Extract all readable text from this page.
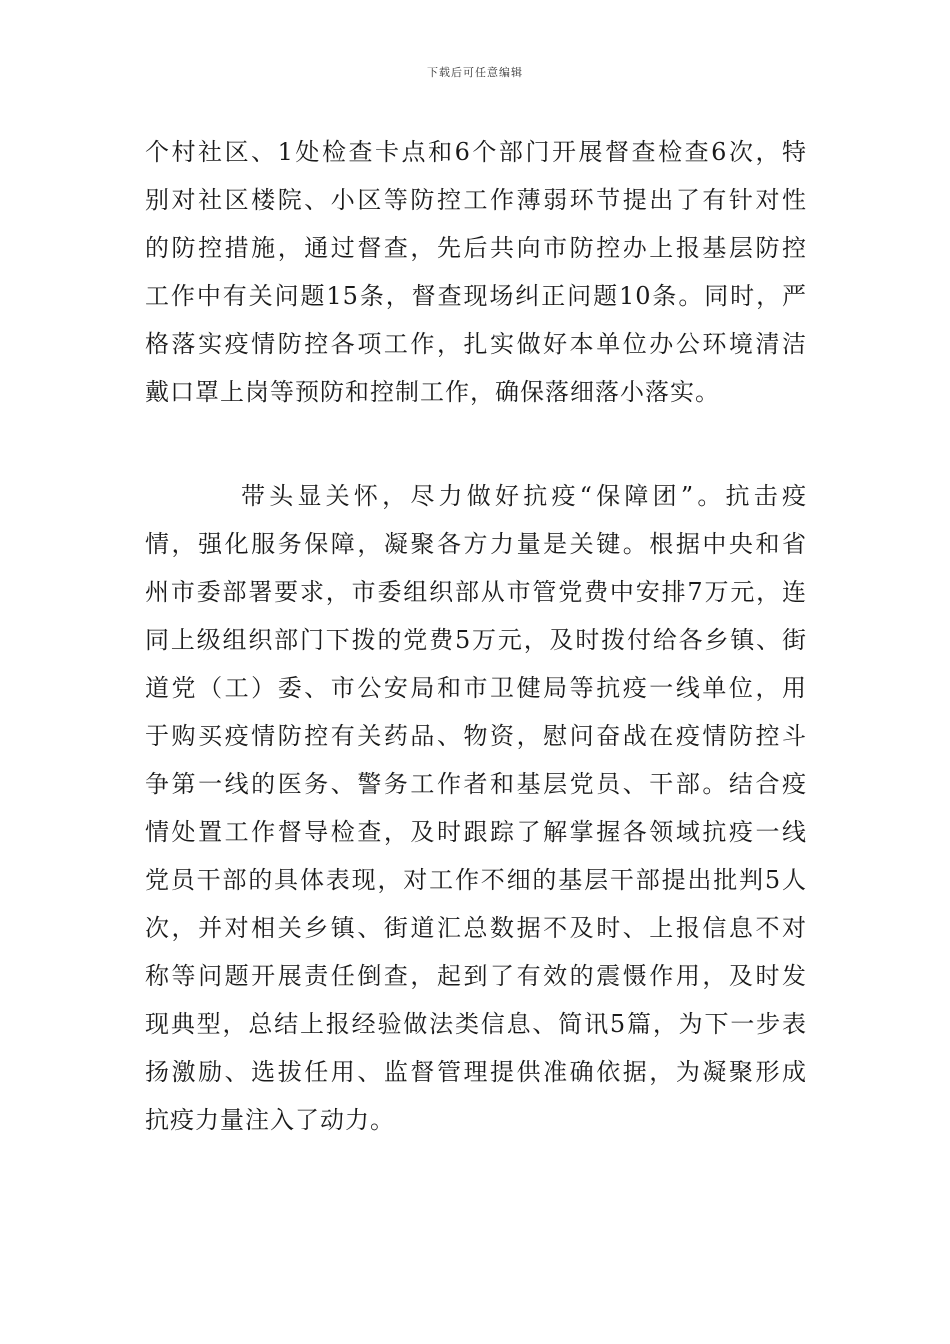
下载后可任意编辑
个村社区、1处检查卡点和6个部门开展督查检查6次，特
别对社区楼院、小区等防控工作薄弱环节提出了有针对性
的防控措施，通过督查，先后共向市防控办上报基层防控
工作中有关问题15条，督查现场纠正问题10条。同时，严
格落实疫情防控各项工作，扎实做好本单位办公环境清洁
戴口罩上岗等预防和控制工作，确保落细落小落实。
带头显关怀，尽力做好抗疫“保障团”。抗击疫
情，强化服务保障，凝聚各方力量是关键。根据中央和省
州市委部署要求，市委组织部从市管党费中安排7万元，连
同上级组织部门下拨的党费5万元，及时拨付给各乡镇、街
道党（工）委、市公安局和市卫健局等抗疫一线单位，用
于购买疫情防控有关药品、物资，慰问奋战在疫情防控斗
争第一线的医务、警务工作者和基层党员、干部。结合疫
情处置工作督导检查，及时跟踪了解掌握各领域抗疫一线
党员干部的具体表现，对工作不细的基层干部提出批判5人
次，并对相关乡镇、街道汇总数据不及时、上报信息不对
称等问题开展责任倒查，起到了有效的震慑作用，及时发
现典型，总结上报经验做法类信息、简讯5篇，为下一步表
扬激励、选拔任用、监督管理提供准确依据，为凝聚形成
抗疫力量注入了动力。
